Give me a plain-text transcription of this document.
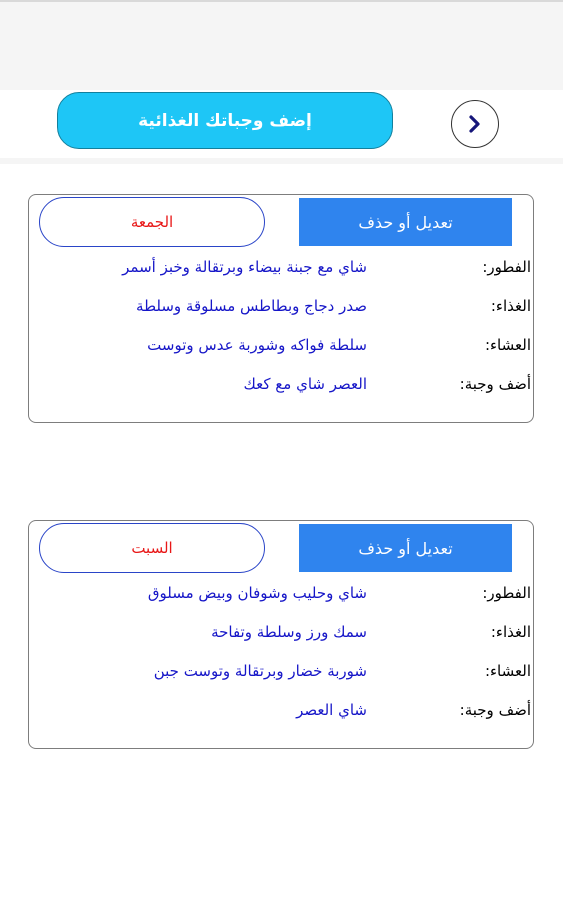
إضف وجباتك الغذائية
الجمعة	تعديل أو حذف
الفطور:
شاي مع جبنة بيضاء وبرتقالة وخبز أسمر
الغذاء:
صدر دجاج وبطاطس مسلوقة وسلطة
العشاء:
سلطة فواكه وشوربة عدس وتوست
أضف وجبة:
العصر شاي مع كعك
السبت	تعديل أو حذف
الفطور:
شاي وحليب وشوفان وبيض مسلوق
الغذاء:
سمك ورز وسلطة وتفاحة
العشاء:
شوربة خضار وبرتقالة وتوست جبن
أضف وجبة:
شاي العصر
